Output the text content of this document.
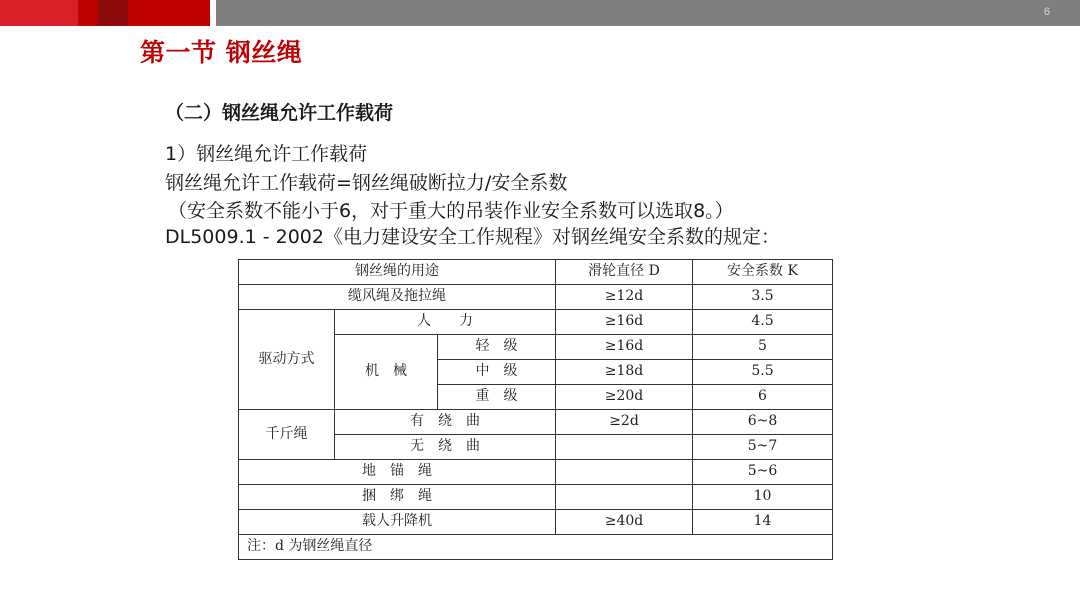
6
第一节 钢丝绳
（二）钢丝绳允许工作载荷
1）钢丝绳允许工作载荷
钢丝绳允许工作载荷=钢丝绳破断拉力/安全系数
（安全系数不能小于6，对于重大的吊装作业安全系数可以选取8。）
DL5009.1 - 2002《电力建设安全工作规程》对钢丝绳安全系数的规定：
钢丝绳的用途			滑轮直径 D	安全系数 K
缆风绳及拖拉绳			≥12d	3.5
驱动方式	人　　力		≥16d	4.5
	机　械	轻　级	≥16d	5
		中　级	≥18d	5.5
		重　级	≥20d	6
千斤绳	有　绕　曲		≥2d	6~8
	无　绕　曲			5~7
地　锚　绳				5~6
捆　绑　绳				10
载人升降机			≥40d	14
注：d 为钢丝绳直径				
